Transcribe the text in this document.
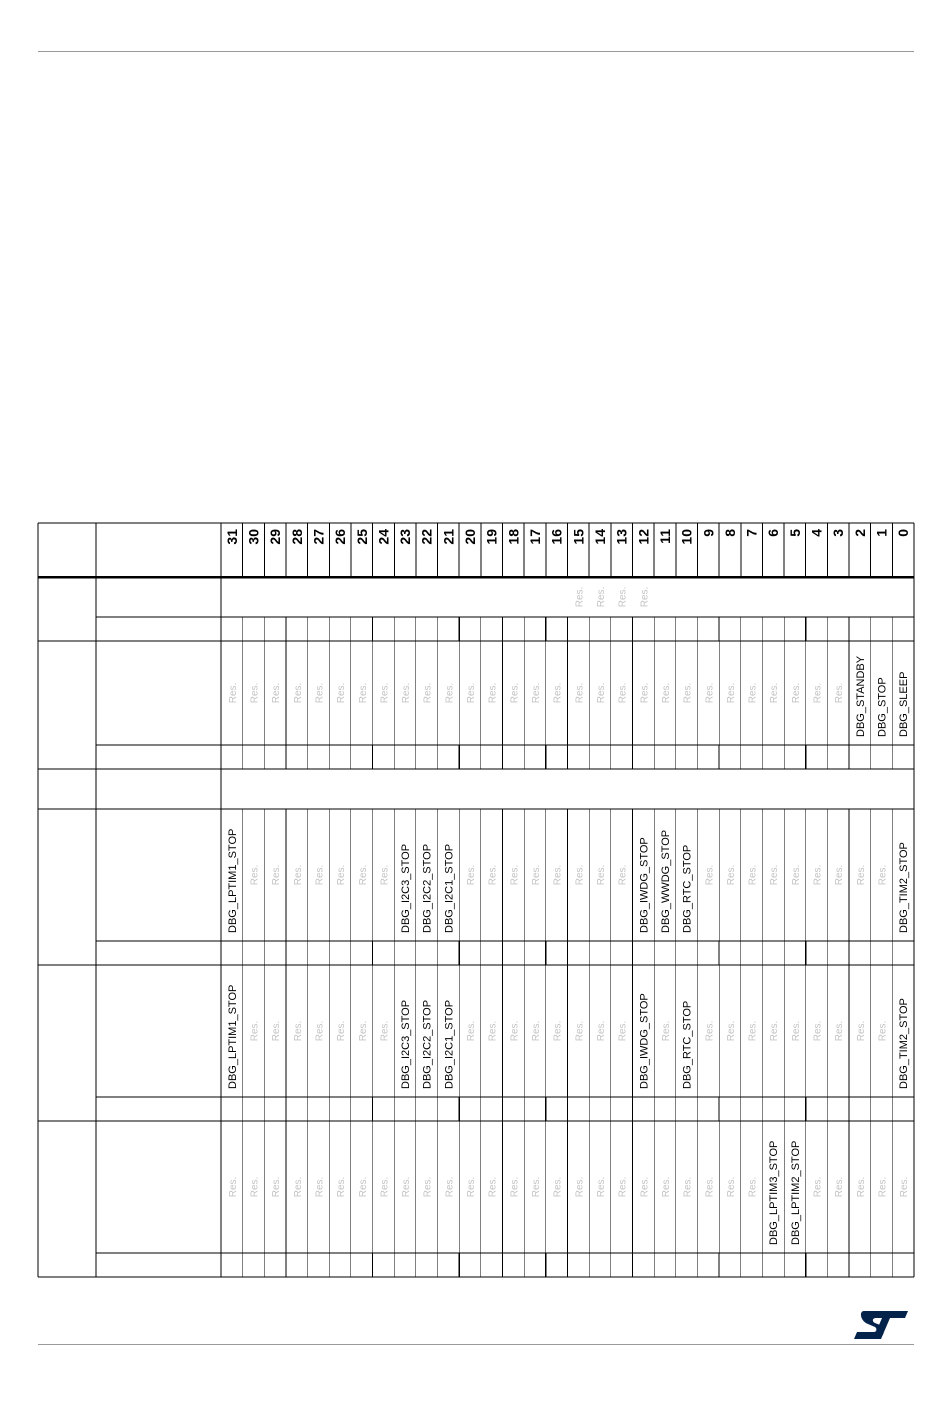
31 30 29 28 27 26 25 24 23 22 21 20 19 18 17 16 15 14 13 12 11 10 9 8 7 6 5 4 3 2 1 0
Res. Res. Res. Res.
Res. Res. Res. Res. Res. Res. Res. Res. Res. Res. Res. Res. Res. Res. Res. Res. Res. Res. Res. Res. Res. Res. Res. Res. Res. Res. Res. Res. Res. DBG_STANDBY DBG_STOP DBG_SLEEP
DBG_LPTIM1_STOP Res. Res. Res. Res. Res. Res. Res. DBG_I2C3_STOP DBG_I2C2_STOP DBG_I2C1_STOP Res. Res. Res. Res. Res. Res. Res. Res. DBG_IWDG_STOP DBG_WWDG_STOP DBG_RTC_STOP Res. Res. Res. Res. Res. Res. Res. Res. Res. DBG_TIM2_STOP
DBG_LPTIM1_STOP Res. Res. Res. Res. Res. Res. Res. DBG_I2C3_STOP DBG_I2C2_STOP DBG_I2C1_STOP Res. Res. Res. Res. Res. Res. Res. Res. DBG_IWDG_STOP Res. DBG_RTC_STOP Res. Res. Res. Res. Res. Res. Res. Res. Res. DBG_TIM2_STOP
Res. Res. Res. Res. Res. Res. Res. Res. Res. Res. Res. Res. Res. Res. Res. Res. Res. Res. Res. Res. Res. Res. Res. Res. Res. DBG_LPTIM3_STOP DBG_LPTIM2_STOP Res. Res. Res. Res. Res.
